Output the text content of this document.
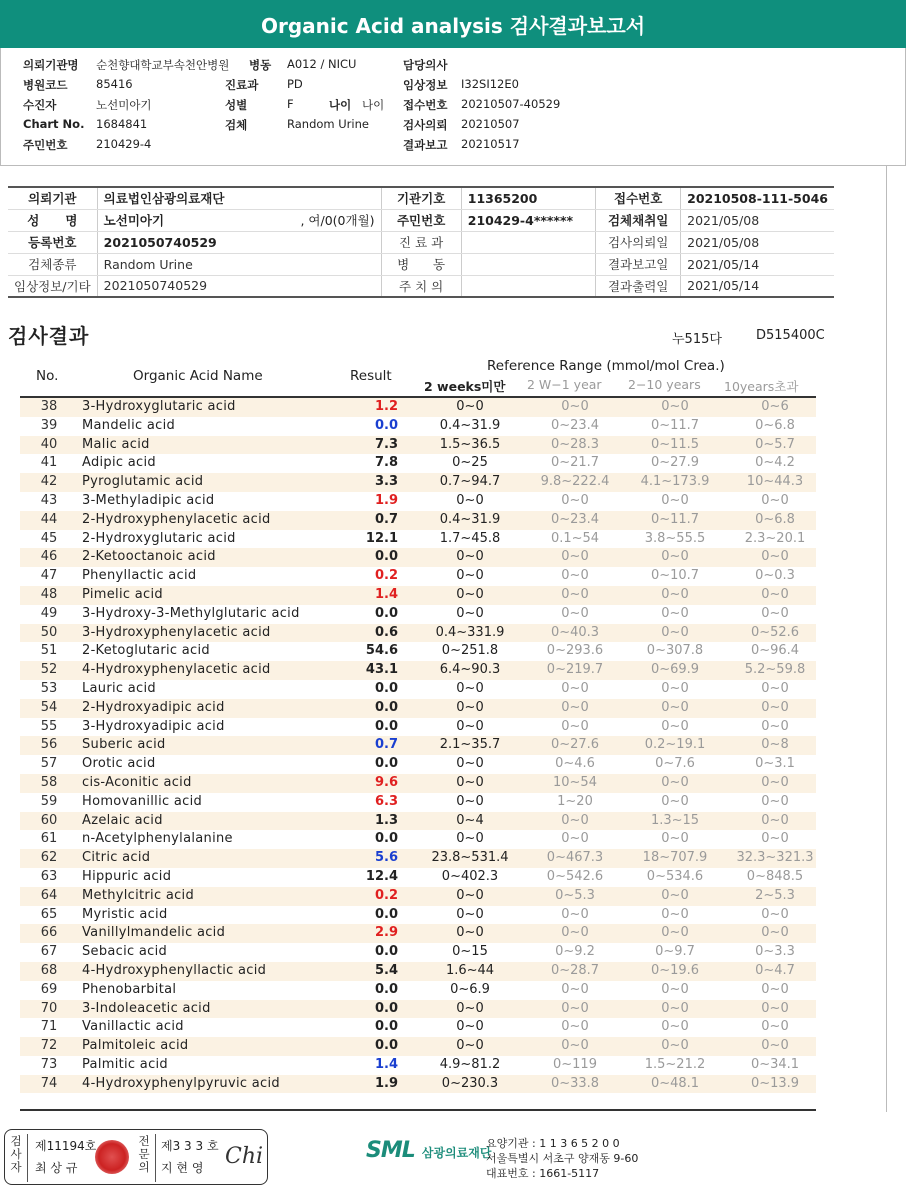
Organic Acid analysis 검사결과보고서
의뢰기관명 순천향대학교부속천안병원 병동 A012 / NICU	담당의사
병원코드 85416	진료과 PD	임상정보 I32SI12E0
수진자	노선미아기	성별	F	나이 나이 접수번호 20210507-40529
Chart No. 1684841	검체	Random Urine	검사의뢰 20210507
주민번호 210429-4	결과보고 20210517
의뢰기관	의료법인삼광의료재단	기관기호	11365200	접수번호	20210508-111-5046
성      명	노선미아기 , 여/0(0개월)	주민번호	210429-4******	검체채취일	2021/05/08
등록번호	2021050740529	진 료 과		검사의뢰일	2021/05/08
검체종류	Random Urine	병      동		결과보고일	2021/05/14
임상정보/기타	2021050740529	주 치 의		결과출력일	2021/05/14
검사결과	누515다	D515400C
No.	Organic Acid Name	Result
Reference Range (mmol/mol Crea.)
2 weeks미만 2 W−1 year 2−10 years 10years초과
38	3-Hydroxyglutaric acid	1.2	0~0	0~0	0~0	0~6
39	Mandelic acid	0.0	0.4~31.9	0~23.4	0~11.7	0~6.8
40	Malic acid	7.3	1.5~36.5	0~28.3	0~11.5	0~5.7
41	Adipic acid	7.8	0~25	0~21.7	0~27.9	0~4.2
42	Pyroglutamic acid	3.3	0.7~94.7	9.8~222.4	4.1~173.9	10~44.3
43	3-Methyladipic acid	1.9	0~0	0~0	0~0	0~0
44	2-Hydroxyphenylacetic acid	0.7	0.4~31.9	0~23.4	0~11.7	0~6.8
45	2-Hydroxyglutaric acid	12.1	1.7~45.8	0.1~54	3.8~55.5	2.3~20.1
46	2-Ketooctanoic acid	0.0	0~0	0~0	0~0	0~0
47	Phenyllactic acid	0.2	0~0	0~0	0~10.7	0~0.3
48	Pimelic acid	1.4	0~0	0~0	0~0	0~0
49	3-Hydroxy-3-Methylglutaric acid	0.0	0~0	0~0	0~0	0~0
50	3-Hydroxyphenylacetic acid	0.6	0.4~331.9	0~40.3	0~0	0~52.6
51	2-Ketoglutaric acid	54.6	0~251.8	0~293.6	0~307.8	0~96.4
52	4-Hydroxyphenylacetic acid	43.1	6.4~90.3	0~219.7	0~69.9	5.2~59.8
53	Lauric acid	0.0	0~0	0~0	0~0	0~0
54	2-Hydroxyadipic acid	0.0	0~0	0~0	0~0	0~0
55	3-Hydroxyadipic acid	0.0	0~0	0~0	0~0	0~0
56	Suberic acid	0.7	2.1~35.7	0~27.6	0.2~19.1	0~8
57	Orotic acid	0.0	0~0	0~4.6	0~7.6	0~3.1
58	cis-Aconitic acid	9.6	0~0	10~54	0~0	0~0
59	Homovanillic acid	6.3	0~0	1~20	0~0	0~0
60	Azelaic acid	1.3	0~4	0~0	1.3~15	0~0
61	n-Acetylphenylalanine	0.0	0~0	0~0	0~0	0~0
62	Citric acid	5.6	23.8~531.4	0~467.3	18~707.9	32.3~321.3
63	Hippuric acid	12.4	0~402.3	0~542.6	0~534.6	0~848.5
64	Methylcitric acid	0.2	0~0	0~5.3	0~0	2~5.3
65	Myristic acid	0.0	0~0	0~0	0~0	0~0
66	Vanillylmandelic acid	2.9	0~0	0~0	0~0	0~0
67	Sebacic acid	0.0	0~15	0~9.2	0~9.7	0~3.3
68	4-Hydroxyphenyllactic acid	5.4	1.6~44	0~28.7	0~19.6	0~4.7
69	Phenobarbital	0.0	0~6.9	0~0	0~0	0~0
70	3-Indoleacetic acid	0.0	0~0	0~0	0~0	0~0
71	Vanillactic acid	0.0	0~0	0~0	0~0	0~0
72	Palmitoleic acid	0.0	0~0	0~0	0~0	0~0
73	Palmitic acid	1.4	4.9~81.2	0~119	1.5~21.2	0~34.1
74	4-Hydroxyphenylpyruvic acid	1.9	0~230.3	0~33.8	0~48.1	0~13.9
검사자
제11194호
최 상 규
전문의
제3 3 3 호
지 현 영 Chi	SML 삼광의료재단
요양기관 : 1 1 3 6 5 2 0 0
서울특별시 서초구 양재동 9-60
대표번호 : 1661-5117
